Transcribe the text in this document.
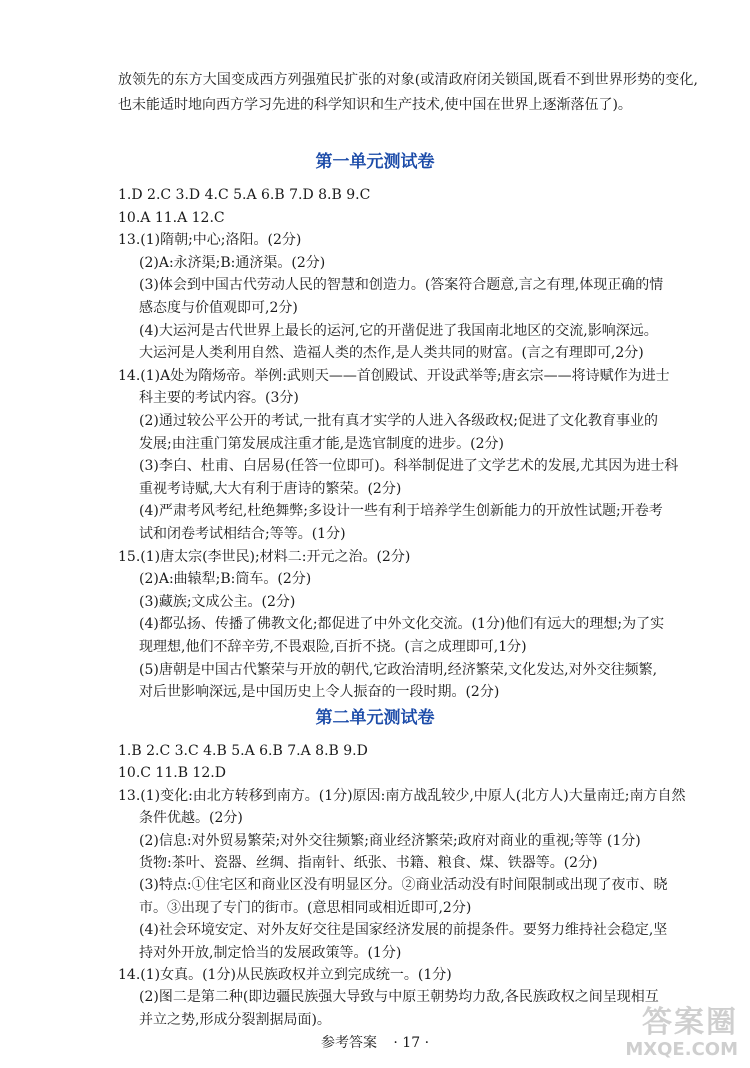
放领先的东方大国变成西方列强殖民扩张的对象(或清政府闭关锁国,既看不到世界形势的变化,也未能适时地向西方学习先进的科学知识和生产技术,使中国在世界上逐渐落伍了)。

第一单元测试卷
1.D 2.C 3.D 4.C 5.A 6.B 7.D 8.B 9.C
10.A 11.A 12.C
13.(1)隋朝;中心;洛阳。(2分)
(2)A:永济渠;B:通济渠。(2分)
(3)体会到中国古代劳动人民的智慧和创造力。(答案符合题意,言之有理,体现正确的情
感态度与价值观即可,2分)
(4)大运河是古代世界上最长的运河,它的开凿促进了我国南北地区的交流,影响深远。
大运河是人类利用自然、造福人类的杰作,是人类共同的财富。(言之有理即可,2分)
14.(1)A处为隋炀帝。举例:武则天——首创殿试、开设武举等;唐玄宗——将诗赋作为进士
科主要的考试内容。(3分)
(2)通过较公平公开的考试,一批有真才实学的人进入各级政权;促进了文化教育事业的
发展;由注重门第发展成注重才能,是选官制度的进步。(2分)
(3)李白、杜甫、白居易(任答一位即可)。科举制促进了文学艺术的发展,尤其因为进士科
重视考诗赋,大大有利于唐诗的繁荣。(2分)
(4)严肃考风考纪,杜绝舞弊;多设计一些有利于培养学生创新能力的开放性试题;开卷考
试和闭卷考试相结合;等等。(1分)
15.(1)唐太宗(李世民);材料二:开元之治。(2分)
(2)A:曲辕犁;B:筒车。(2分)
(3)藏族;文成公主。(2分)
(4)都弘扬、传播了佛教文化;都促进了中外文化交流。(1分)他们有远大的理想;为了实
现理想,他们不辞辛劳,不畏艰险,百折不挠。(言之成理即可,1分)
(5)唐朝是中国古代繁荣与开放的朝代,它政治清明,经济繁荣,文化发达,对外交往频繁,
对后世影响深远,是中国历史上令人振奋的一段时期。(2分)
第二单元测试卷
1.B 2.C 3.C 4.B 5.A 6.B 7.A 8.B 9.D
10.C 11.B 12.D
13.(1)变化:由北方转移到南方。(1分)原因:南方战乱较少,中原人(北方人)大量南迁;南方自然
条件优越。(2分)
(2)信息:对外贸易繁荣;对外交往频繁;商业经济繁荣;政府对商业的重视;等等 (1分)
货物:茶叶、瓷器、丝绸、指南针、纸张、书籍、粮食、煤、铁器等。(2分)
(3)特点:①住宅区和商业区没有明显区分。②商业活动没有时间限制或出现了夜市、晓
市。③出现了专门的街市。(意思相同或相近即可,2分)
(4)社会环境安定、对外友好交往是国家经济发展的前提条件。要努力维持社会稳定,坚
持对外开放,制定恰当的发展政策等。(1分)
14.(1)女真。(1分)从民族政权并立到完成统一。(1分)
(2)图二是第二种(即边疆民族强大导致与中原王朝势均力敌,各民族政权之间呈现相互
并立之势,形成分裂割据局面)。
参考答案 · 17 ·
答案圈
MXQE.COM
